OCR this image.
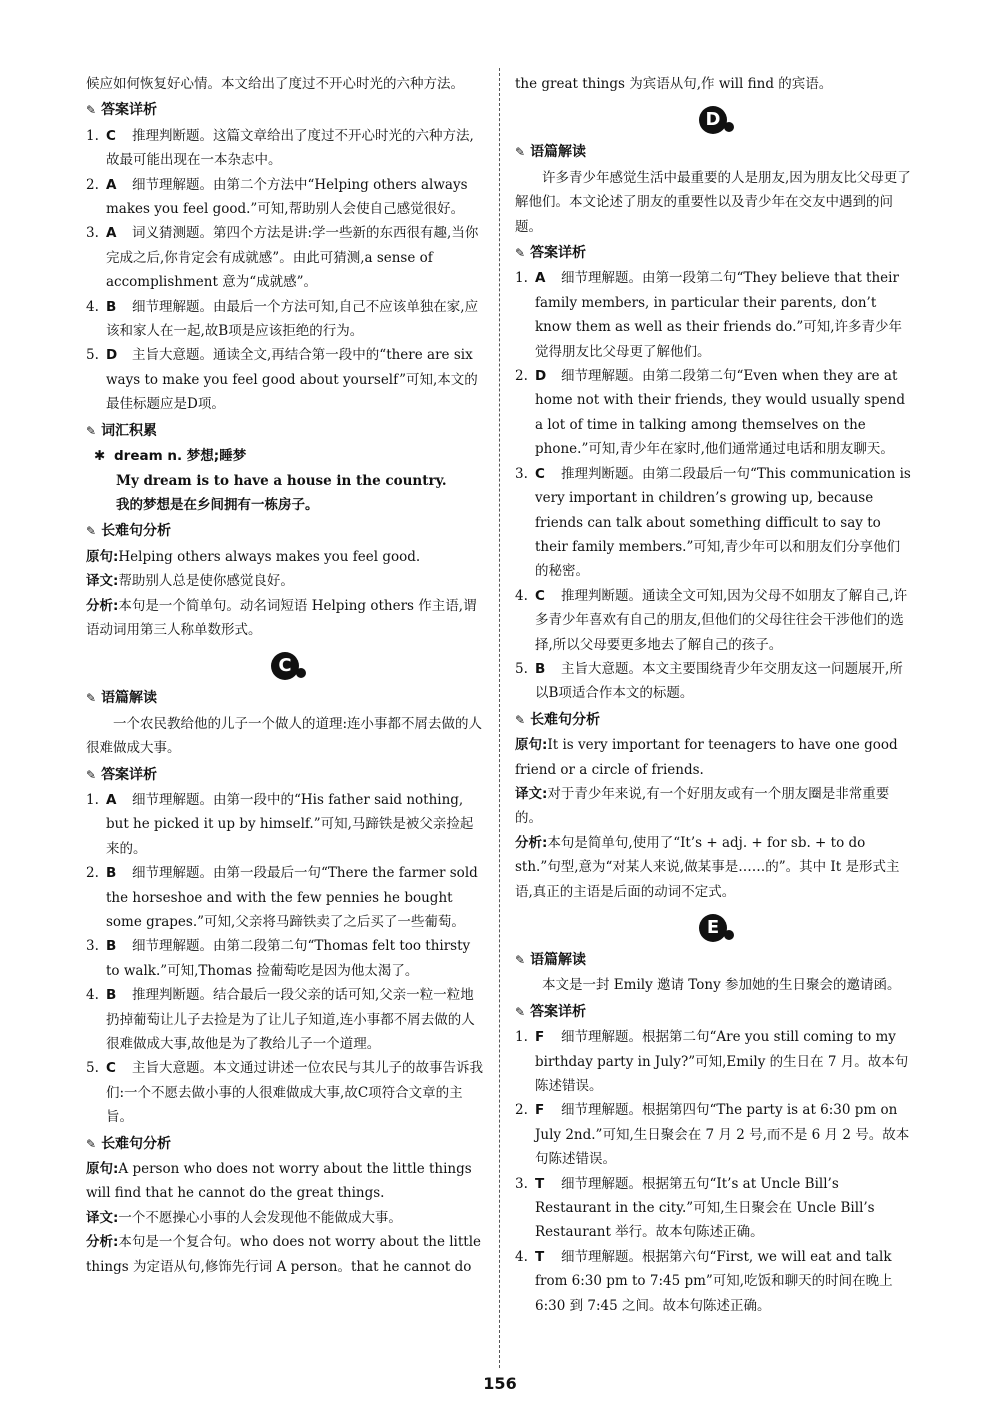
候应如何恢复好心情。本文给出了度过不开心时光的六种方法。

✎ 答案详析
1. C 推理判断题。这篇文章给出了度过不开心时光的六种方法,故最可能出现在一本杂志中。
2. A 细节理解题。由第二个方法中“Helping others always makes you feel good.”可知,帮助别人会使自己感觉很好。
3. A 词义猜测题。第四个方法是讲:学一些新的东西很有趣,当你完成之后,你肯定会有成就感”。由此可猜测,a sense of accomplishment 意为“成就感”。
4. B 细节理解题。由最后一个方法可知,自己不应该单独在家,应该和家人在一起,故B项是应该拒绝的行为。
5. D 主旨大意题。通读全文,再结合第一段中的“there are six ways to make you feel good about yourself”可知,本文的最佳标题应是D项。
✎ 词汇积累
✱ dream n. 梦想;睡梦

My dream is to have a house in the country.

我的梦想是在乡间拥有一栋房子。

✎ 长难句分析

原句:Helping others always makes you feel good.

译文:帮助别人总是使你感觉良好。

分析:本句是一个简单句。动名词短语 Helping others 作主语,谓语动词用第三人称单数形式。

C
✎ 语篇解读

一个农民教给他的儿子一个做人的道理:连小事都不屑去做的人很难做成大事。

✎ 答案详析
1. A 细节理解题。由第一段中的“His father said nothing, but he picked it up by himself.”可知,马蹄铁是被父亲捡起来的。
2. B 细节理解题。由第一段最后一句“There the farmer sold the horseshoe and with the few pennies he bought some grapes.”可知,父亲将马蹄铁卖了之后买了一些葡萄。
3. B 细节理解题。由第二段第二句“Thomas felt too thirsty to walk.”可知,Thomas 捡葡萄吃是因为他太渴了。
4. B 推理判断题。结合最后一段父亲的话可知,父亲一粒一粒地扔掉葡萄让儿子去捡是为了让儿子知道,连小事都不屑去做的人很难做成大事,故他是为了教给儿子一个道理。
5. C 主旨大意题。本文通过讲述一位农民与其儿子的故事告诉我们:一个不愿去做小事的人很难做成大事,故C项符合文章的主旨。
✎ 长难句分析

原句:A person who does not worry about the little things will find that he cannot do the great things.

译文:一个不愿操心小事的人会发现他不能做成大事。

分析:本句是一个复合句。who does not worry about the little things 为定语从句,修饰先行词 A person。that he cannot do

the great things 为宾语从句,作 will find 的宾语。

D
✎ 语篇解读

许多青少年感觉生活中最重要的人是朋友,因为朋友比父母更了解他们。本文论述了朋友的重要性以及青少年在交友中遇到的问题。

✎ 答案详析
1. A 细节理解题。由第一段第二句“They believe that their family members, in particular their parents, don’t know them as well as their friends do.”可知,许多青少年觉得朋友比父母更了解他们。
2. D 细节理解题。由第二段第二句“Even when they are at home not with their friends, they would usually spend a lot of time in talking among themselves on the phone.”可知,青少年在家时,他们通常通过电话和朋友聊天。
3. C 推理判断题。由第二段最后一句“This communication is very important in children’s growing up, because friends can talk about something difficult to say to their family members.”可知,青少年可以和朋友们分享他们的秘密。
4. C 推理判断题。通读全文可知,因为父母不如朋友了解自己,许多青少年喜欢有自己的朋友,但他们的父母往往会干涉他们的选择,所以父母要更多地去了解自己的孩子。
5. B 主旨大意题。本文主要围绕青少年交朋友这一问题展开,所以B项适合作本文的标题。
✎ 长难句分析

原句:It is very important for teenagers to have one good friend or a circle of friends.

译文:对于青少年来说,有一个好朋友或有一个朋友圈是非常重要的。

分析:本句是简单句,使用了“It’s + adj. + for sb. + to do sth.”句型,意为“对某人来说,做某事是……的”。其中 It 是形式主语,真正的主语是后面的动词不定式。

E
✎ 语篇解读

本文是一封 Emily 邀请 Tony 参加她的生日聚会的邀请函。

✎ 答案详析
1. F 细节理解题。根据第二句“Are you still coming to my birthday party in July?”可知,Emily 的生日在 7 月。故本句陈述错误。
2. F 细节理解题。根据第四句“The party is at 6:30 pm on July 2nd.”可知,生日聚会在 7 月 2 号,而不是 6 月 2 号。故本句陈述错误。
3. T 细节理解题。根据第五句“It’s at Uncle Bill’s Restaurant in the city.”可知,生日聚会在 Uncle Bill’s Restaurant 举行。故本句陈述正确。
4. T 细节理解题。根据第六句“First, we will eat and talk from 6:30 pm to 7:45 pm”可知,吃饭和聊天的时间在晚上 6:30 到 7:45 之间。故本句陈述正确。
156
